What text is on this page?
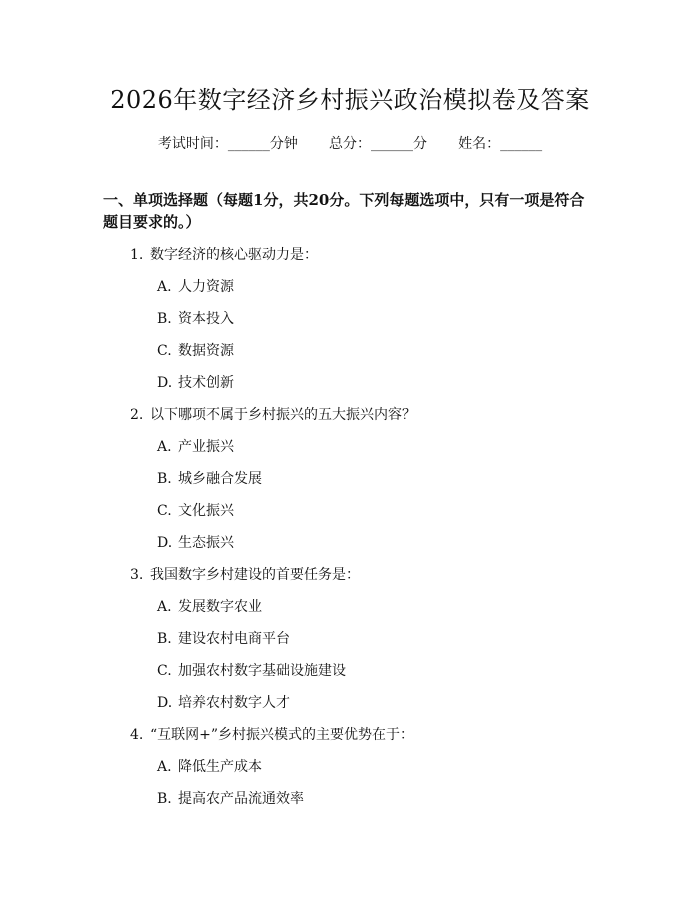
2026年数字经济乡村振兴政治模拟卷及答案
考试时间：______分钟 总分：______分 姓名：______

一、单项选择题（每题1分，共20分。下列每题选项中，只有一项是符合题目要求的。）

1. 数字经济的核心驱动力是：

A. 人力资源

B. 资本投入

C. 数据资源

D. 技术创新

2. 以下哪项不属于乡村振兴的五大振兴内容？

A. 产业振兴

B. 城乡融合发展

C. 文化振兴

D. 生态振兴

3. 我国数字乡村建设的首要任务是：

A. 发展数字农业

B. 建设农村电商平台

C. 加强农村数字基础设施建设

D. 培养农村数字人才

4. “互联网+”乡村振兴模式的主要优势在于：

A. 降低生产成本

B. 提高农产品流通效率
